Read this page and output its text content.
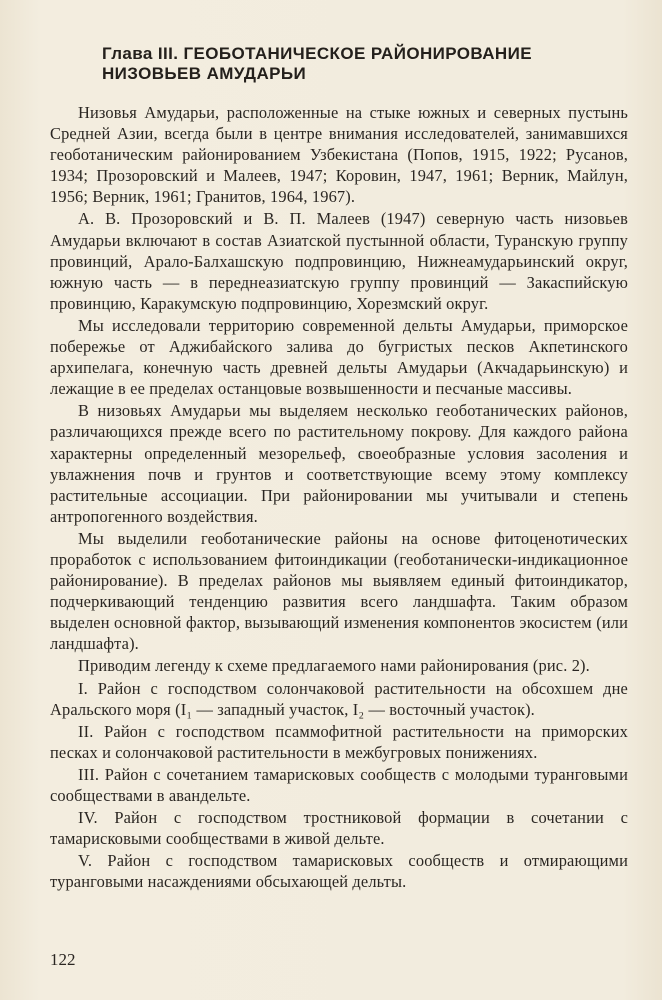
Глава III. ГЕОБОТАНИЧЕСКОЕ РАЙОНИРОВАНИЕ
НИЗОВЬЕВ АМУДАРЬИ

Низовья Амударьи, расположенные на стыке южных и северных пустынь Средней Азии, всегда были в центре внимания исследователей, занимавшихся геоботаническим районированием Узбекистана (Попов, 1915, 1922; Русанов, 1934; Прозоровский и Малеев, 1947; Коровин, 1947, 1961; Верник, Майлун, 1956; Верник, 1961; Гранитов, 1964, 1967).

А. В. Прозоровский и В. П. Малеев (1947) северную часть низовьев Амударьи включают в состав Азиатской пустынной области, Туранскую группу провинций, Арало-Балхашскую подпровинцию, Нижнеамударьинский округ, южную часть — в переднеазиатскую группу провинций — Закаспийскую провинцию, Каракумскую подпровинцию, Хорезмский округ.

Мы исследовали территорию современной дельты Амударьи, приморское побережье от Аджибайского залива до бугристых песков Акпетинского архипелага, конечную часть древней дельты Амударьи (Акчадарьинскую) и лежащие в ее пределах останцовые возвышенности и песчаные массивы.

В низовьях Амударьи мы выделяем несколько геоботанических районов, различающихся прежде всего по растительному покрову. Для каждого района характерны определенный мезорельеф, своеобразные условия засоления и увлажнения почв и грунтов и соответствующие всему этому комплексу растительные ассоциации. При районировании мы учитывали и степень антропогенного воздействия.

Мы выделили геоботанические районы на основе фитоценотических проработок с использованием фитоиндикации (геоботанически-индикационное районирование). В пределах районов мы выявляем единый фитоиндикатор, подчеркивающий тенденцию развития всего ландшафта. Таким образом выделен основной фактор, вызывающий изменения компонентов экосистем (или ландшафта).

Приводим легенду к схеме предлагаемого нами районирования (рис. 2).

I. Район с господством солончаковой растительности на обсохшем дне Аральского моря (I₁ — западный участок, I₂ — восточный участок).

II. Район с господством псаммофитной растительности на приморских песках и солончаковой растительности в межбугровых понижениях.

III. Район с сочетанием тамарисковых сообществ с молодыми туранговыми сообществами в авандельте.

IV. Район с господством тростниковой формации в сочетании с тамарисковыми сообществами в живой дельте.

V. Район с господством тамарисковых сообществ и отмирающими туранговыми насаждениями обсыхающей дельты.

122
